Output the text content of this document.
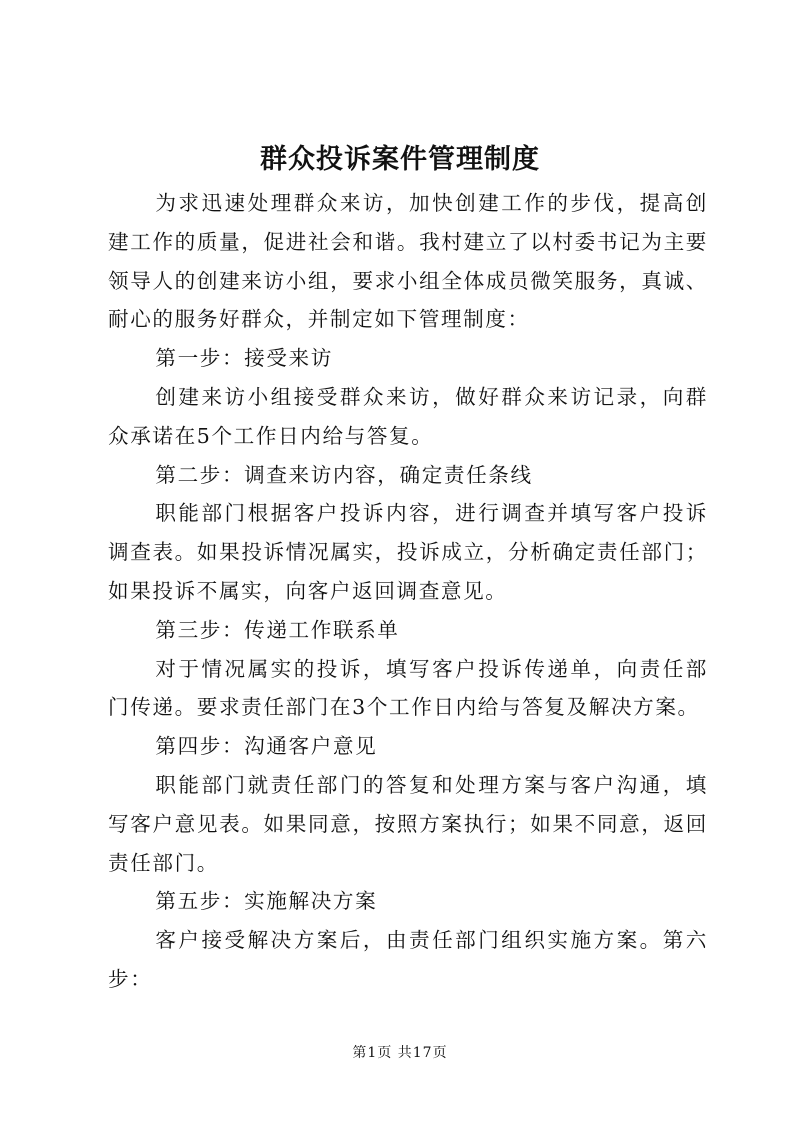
群众投诉案件管理制度

为求迅速处理群众来访，加快创建工作的步伐，提高创建工作的质量，促进社会和谐。我村建立了以村委书记为主要领导人的创建来访小组，要求小组全体成员微笑服务，真诚、耐心的服务好群众，并制定如下管理制度：

第一步：接受来访

创建来访小组接受群众来访，做好群众来访记录，向群众承诺在5个工作日内给与答复。

第二步：调查来访内容，确定责任条线

职能部门根据客户投诉内容，进行调查并填写客户投诉调查表。如果投诉情况属实，投诉成立，分析确定责任部门；如果投诉不属实，向客户返回调查意见。

第三步：传递工作联系单

对于情况属实的投诉，填写客户投诉传递单，向责任部门传递。要求责任部门在3个工作日内给与答复及解决方案。

第四步：沟通客户意见

职能部门就责任部门的答复和处理方案与客户沟通，填写客户意见表。如果同意，按照方案执行；如果不同意，返回责任部门。

第五步：实施解决方案

客户接受解决方案后，由责任部门组织实施方案。第六步：

第1页 共17页
